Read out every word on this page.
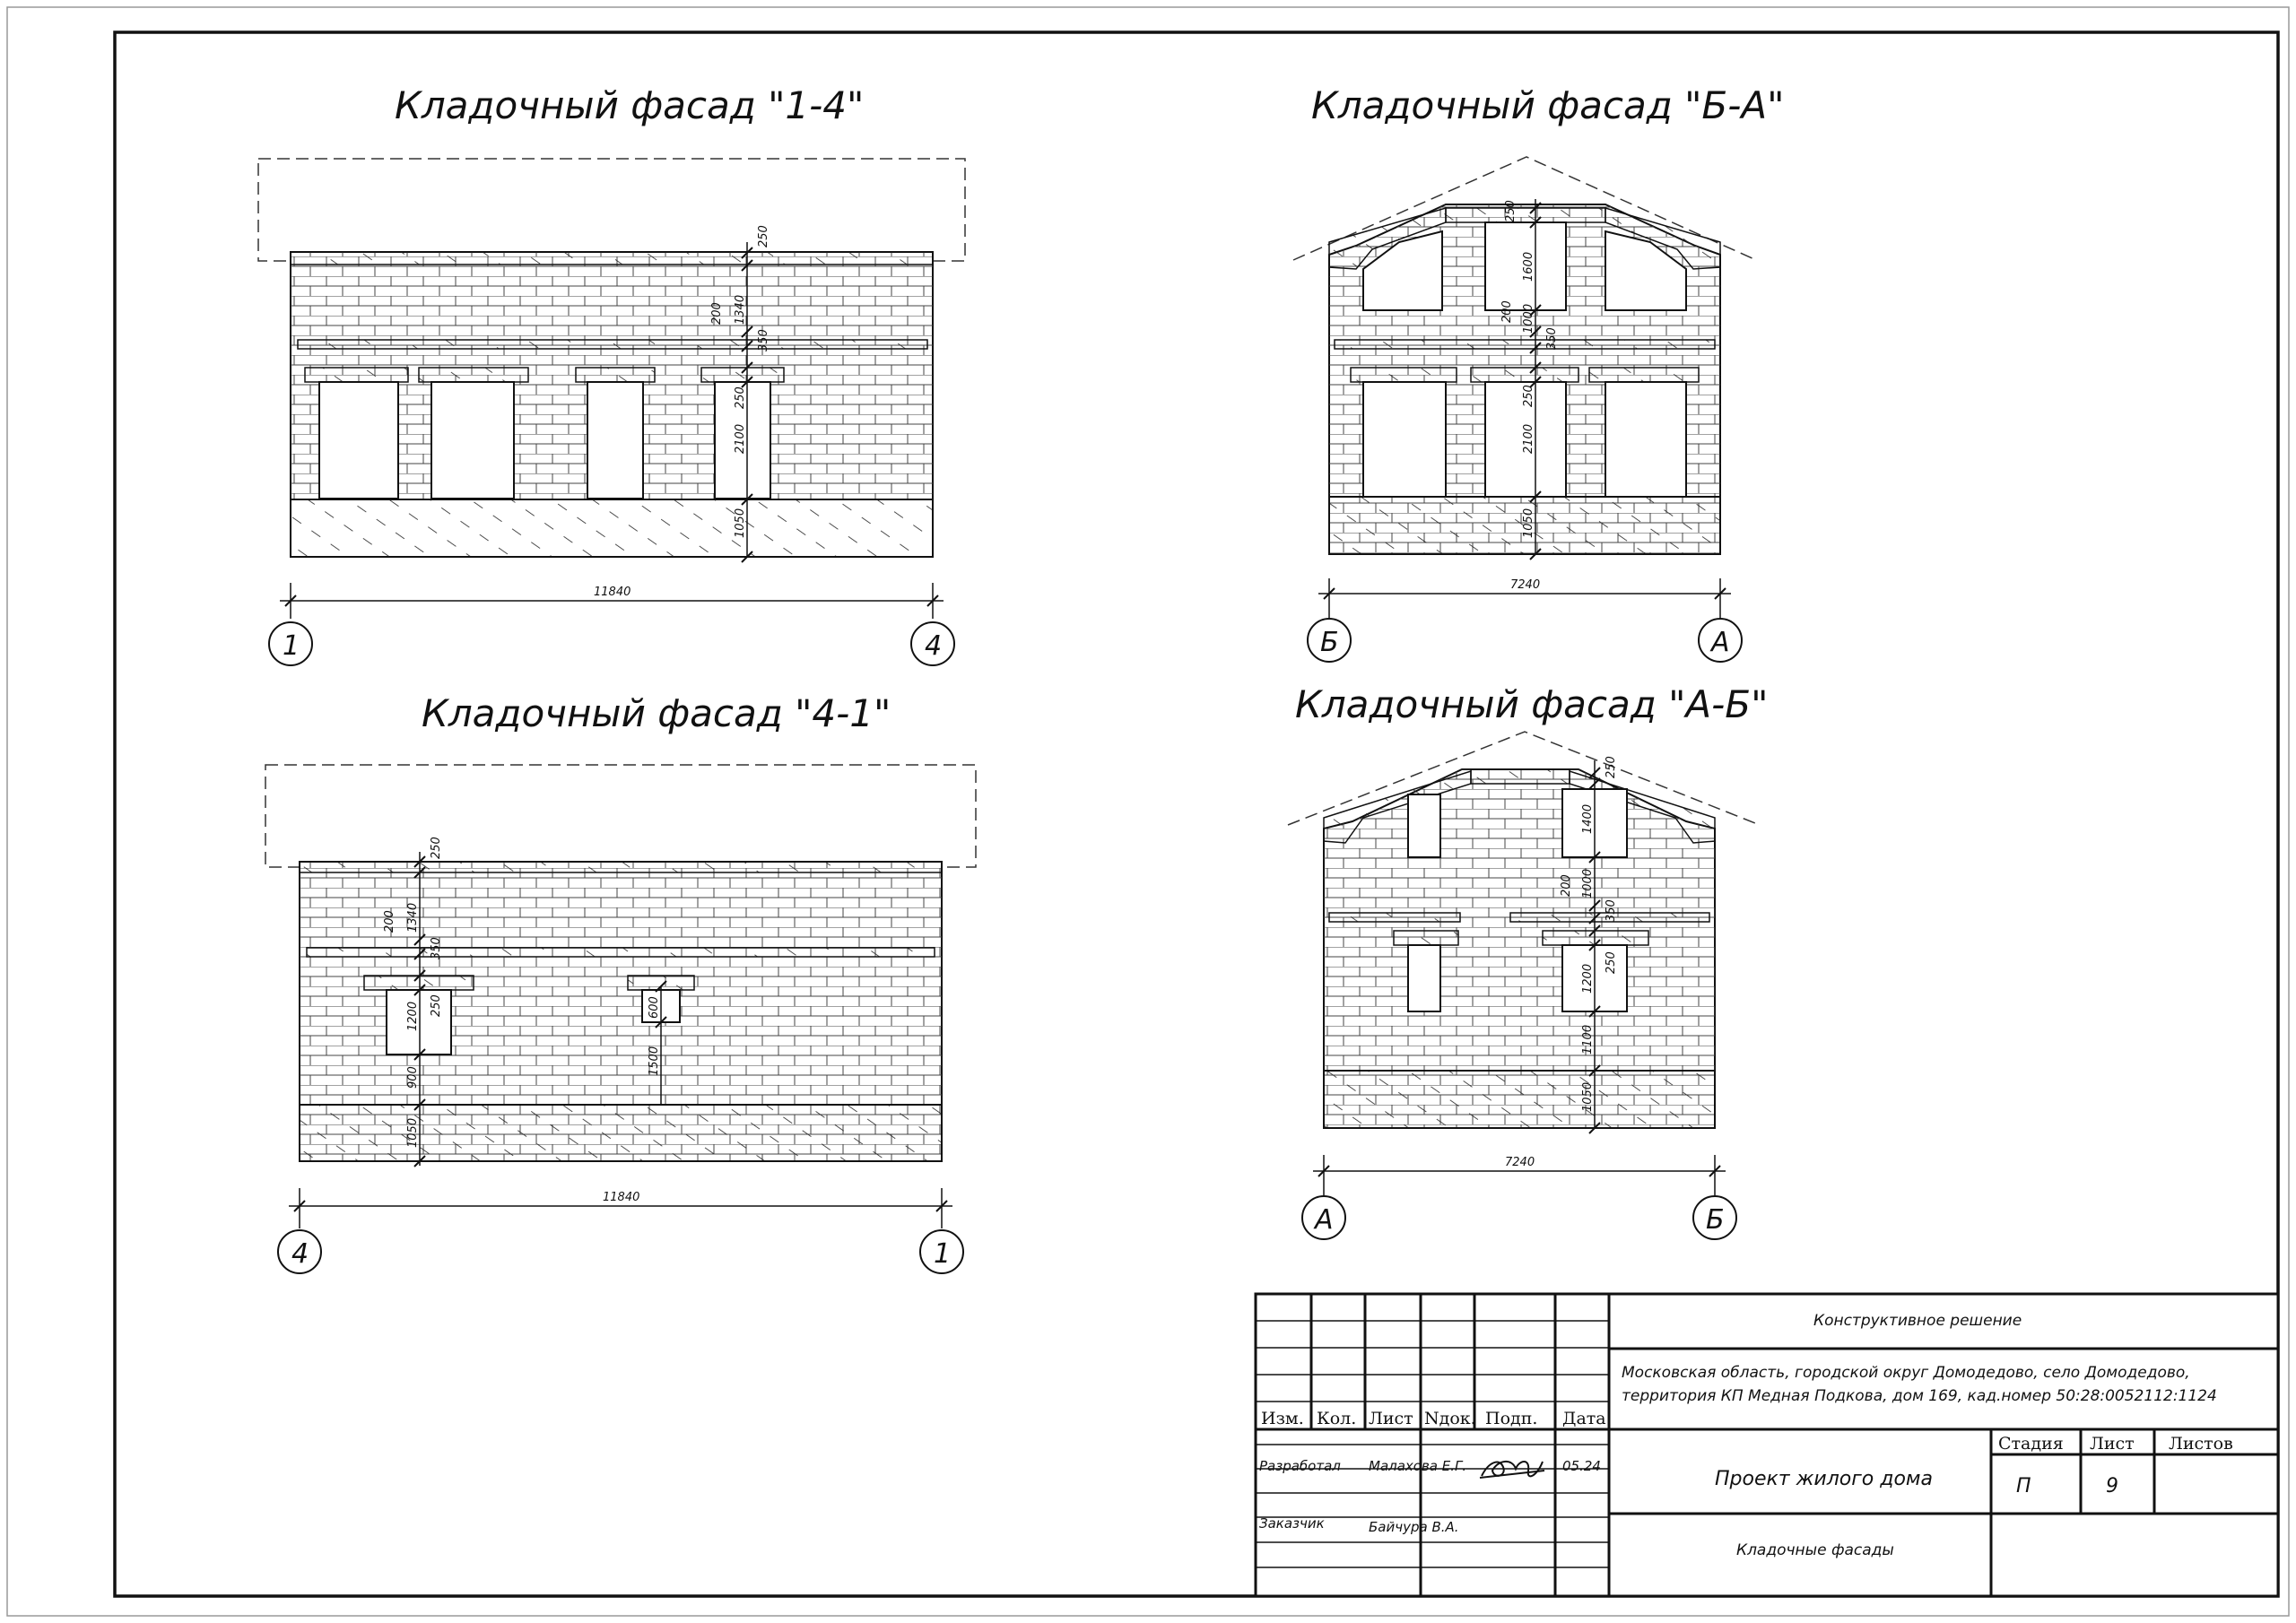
Кладочный фасад "1-4"
250
1340
200
350
250
2100
1050
11840
1	4
Кладочный фасад "Б-А"
250
1600
200 1000
350
250
2100
1050
7240
Б	А
Кладочный фасад "4-1"
250
1340
200
350
250
1200
900
1050
600
1500
11840
4	1
Кладочный фасад "А-Б"
250
1400
200 1000
350
250
1200
1100
1050
7240
А	Б
Изм. Кол. Лист Nдок. Подп. Дата
Разработал Малахова Е.Г.	05.24
Заказчик	Байчура В.А.
Конструктивное решение
Московская область, городской округ Домодедово, село Домодедово,
территория КП Медная Подкова, дом 169, кад.номер 50:28:0052112:1124
Проект жилого дома
Кладочные фасады
Стадия Лист Листов
П	9
